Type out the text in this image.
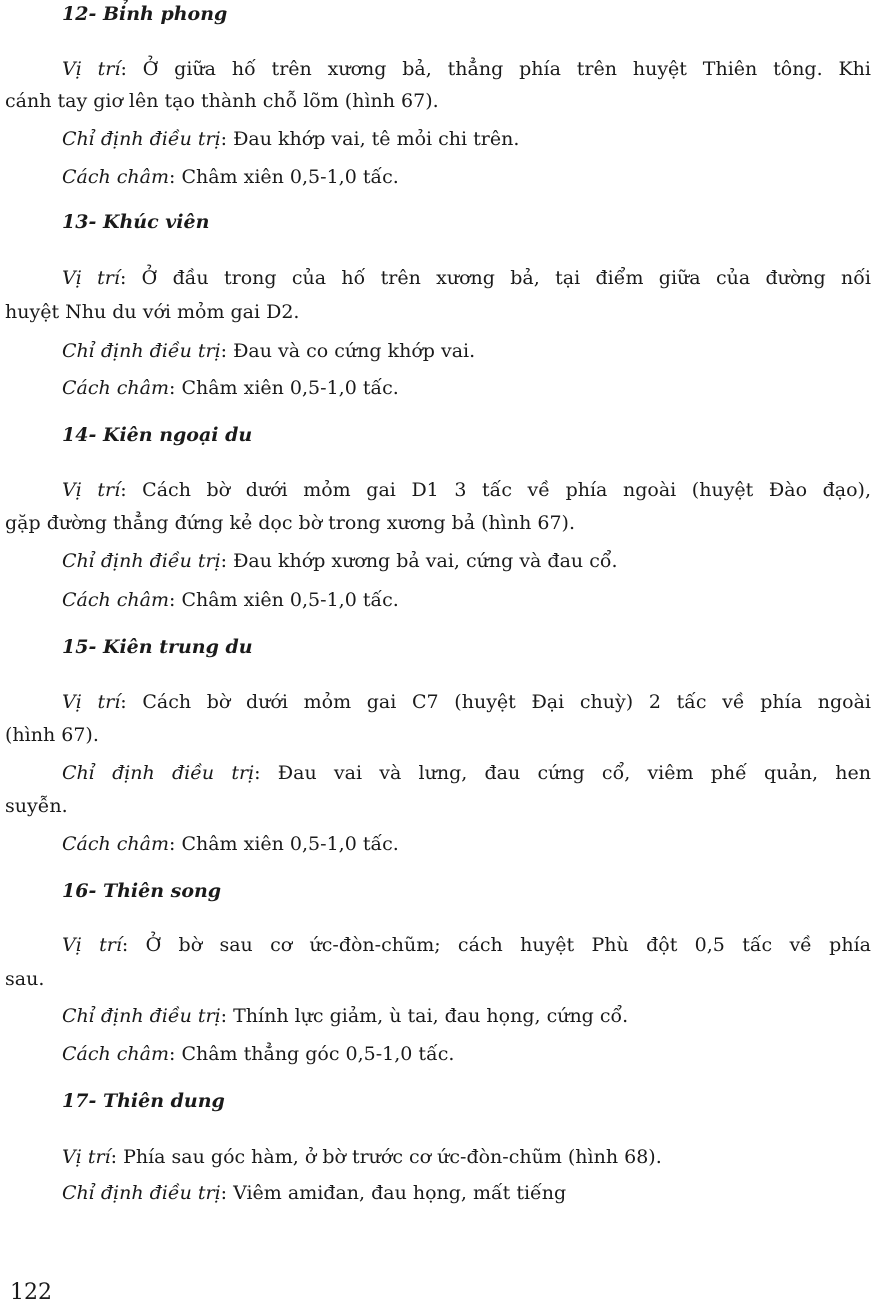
12- Bỉnh phong
Vị trí: Ở giữa hố trên xương bả, thẳng phía trên huyệt Thiên tông. Khi
cánh tay giơ lên tạo thành chỗ lõm (hình 67).
Chỉ định điều trị: Đau khớp vai, tê mỏi chi trên.
Cách châm: Châm xiên 0,5-1,0 tấc.
13- Khúc viên
Vị trí: Ở đầu trong của hố trên xương bả, tại điểm giữa của đường nối
huyệt Nhu du với mỏm gai D2.
Chỉ định điều trị: Đau và co cứng khớp vai.
Cách châm: Châm xiên 0,5-1,0 tấc.
14- Kiên ngoại du
Vị trí: Cách bờ dưới mỏm gai D1 3 tấc về phía ngoài (huyệt Đào đạo),
gặp đường thẳng đứng kẻ dọc bờ trong xương bả (hình 67).
Chỉ định điều trị: Đau khớp xương bả vai, cứng và đau cổ.
Cách châm: Châm xiên 0,5-1,0 tấc.
15- Kiên trung du
Vị trí: Cách bờ dưới mỏm gai C7 (huyệt Đại chuỳ) 2 tấc về phía ngoài
(hình 67).
Chỉ định điều trị: Đau vai và lưng, đau cứng cổ, viêm phế quản, hen
suyễn.
Cách châm: Châm xiên 0,5-1,0 tấc.
16- Thiên song
Vị trí: Ở bờ sau cơ ức-đòn-chũm; cách huyệt Phù đột 0,5 tấc về phía
sau.
Chỉ định điều trị: Thính lực giảm, ù tai, đau họng, cứng cổ.
Cách châm: Châm thẳng góc 0,5-1,0 tấc.
17- Thiên dung
Vị trí: Phía sau góc hàm, ở bờ trước cơ ức-đòn-chũm (hình 68).
Chỉ định điều trị: Viêm amiđan, đau họng, mất tiếng
122
